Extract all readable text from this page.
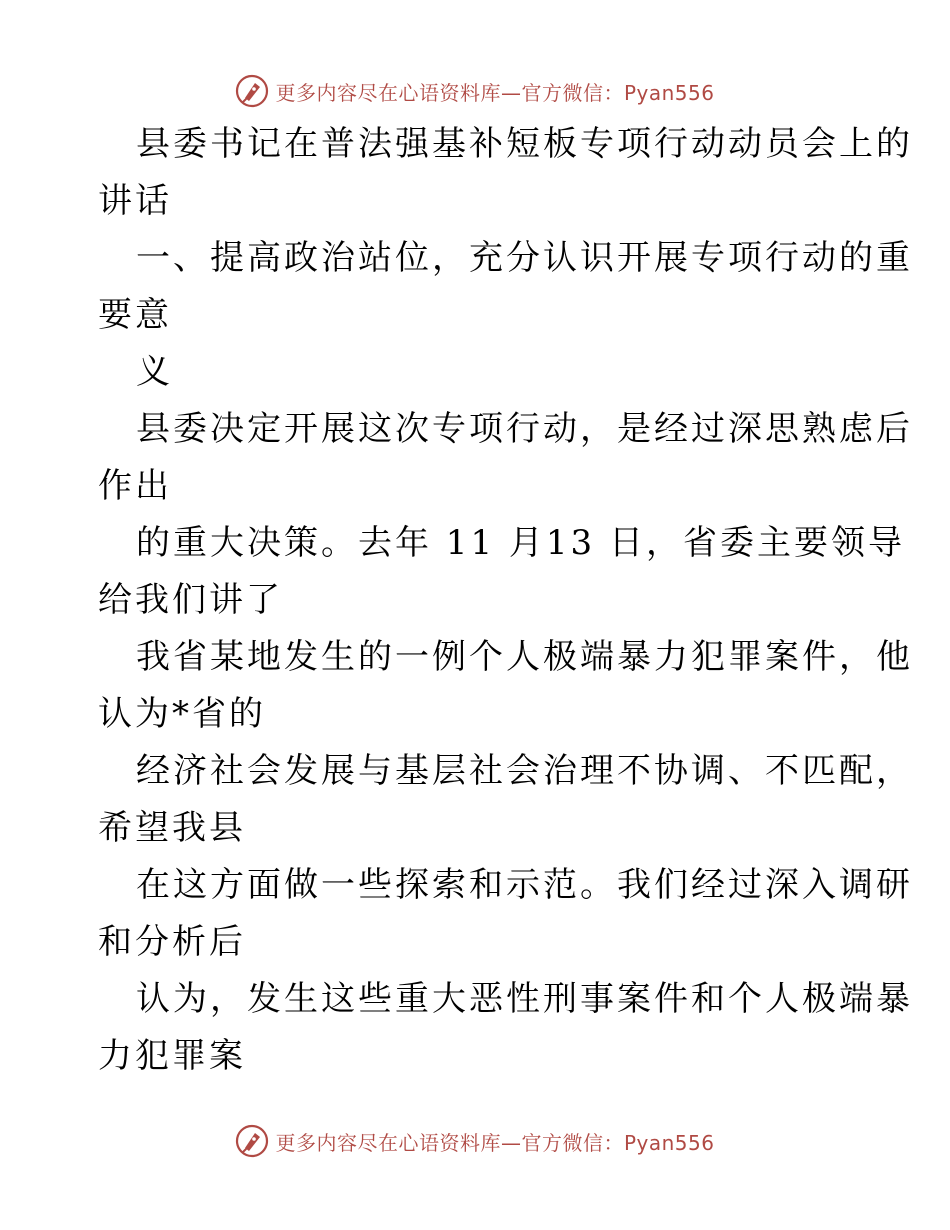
更多内容尽在心语资料库—官方微信：Pyan556
县委书记在普法强基补短板专项行动动员会上的
讲话
一、提高政治站位，充分认识开展专项行动的重
要意
义
县委决定开展这次专项行动，是经过深思熟虑后
作出
的重大决策。去年 11 月13 日，省委主要领导
给我们讲了
我省某地发生的一例个人极端暴力犯罪案件，他
认为*省的
经济社会发展与基层社会治理不协调、不匹配，
希望我县
在这方面做一些探索和示范。我们经过深入调研
和分析后
认为，发生这些重大恶性刑事案件和个人极端暴
力犯罪案
更多内容尽在心语资料库—官方微信：Pyan556
